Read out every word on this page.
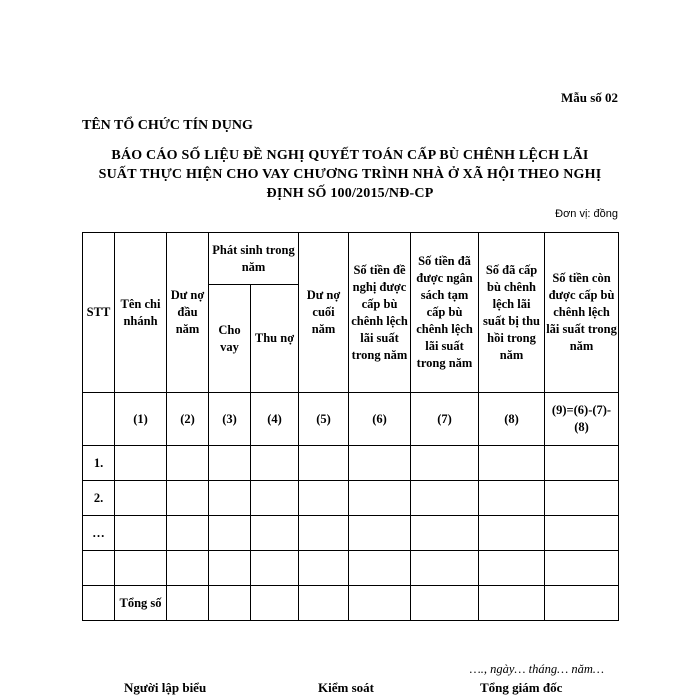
Mẫu số 02
TÊN TỔ CHỨC TÍN DỤNG
BÁO CÁO SỐ LIỆU ĐỀ NGHỊ QUYẾT TOÁN CẤP BÙ CHÊNH LỆCH LÃI
SUẤT THỰC HIỆN CHO VAY CHƯƠNG TRÌNH NHÀ Ở XÃ HỘI THEO NGHỊ
ĐỊNH SỐ 100/2015/NĐ-CP
Đơn vị: đồng
STT	Tên chi nhánh	Dư nợ đầu năm	Phát sinh trong năm		Dư nợ cuối năm	Số tiền đề nghị được cấp bù chênh lệch lãi suất trong năm	Số tiền đã được ngân sách tạm cấp bù chênh lệch lãi suất trong năm	Số đã cấp bù chênh lệch lãi suất bị thu hồi trong năm	Số tiền còn được cấp bù chênh lệch lãi suất trong năm
			Cho vay	Thu nợ					
	(1)	(2)	(3)	(4)	(5)	(6)	(7)	(8)	(9)=(6)-(7)-(8)
1.									
2.									
…									

	Tổng số								
…., ngày… tháng… năm…
Người lập biểu	Kiểm soát	Tổng giám đốc
